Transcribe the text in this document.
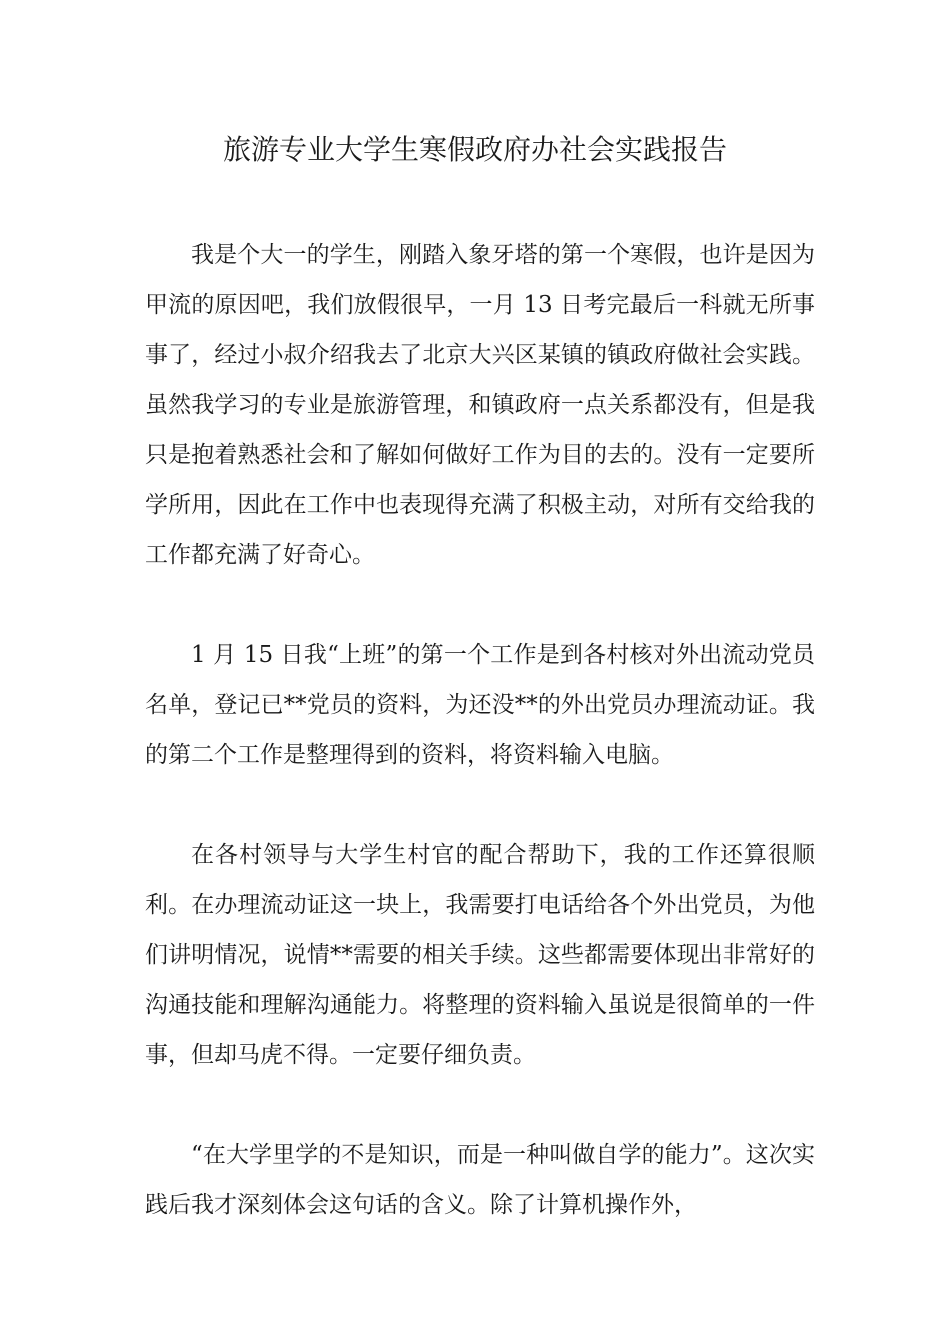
旅游专业大学生寒假政府办社会实践报告

我是个大一的学生，刚踏入象牙塔的第一个寒假，也许是因为甲流的原因吧，我们放假很早，一月 13 日考完最后一科就无所事事了，经过小叔介绍我去了北京大兴区某镇的镇政府做社会实践。虽然我学习的专业是旅游管理，和镇政府一点关系都没有，但是我只是抱着熟悉社会和了解如何做好工作为目的去的。没有一定要所学所用，因此在工作中也表现得充满了积极主动，对所有交给我的工作都充满了好奇心。

1 月 15 日我“上班”的第一个工作是到各村核对外出流动党员名单，登记已**党员的资料，为还没**的外出党员办理流动证。我的第二个工作是整理得到的资料，将资料输入电脑。

在各村领导与大学生村官的配合帮助下，我的工作还算很顺利。在办理流动证这一块上，我需要打电话给各个外出党员，为他们讲明情况，说情**需要的相关手续。这些都需要体现出非常好的沟通技能和理解沟通能力。将整理的资料输入虽说是很简单的一件事，但却马虎不得。一定要仔细负责。

“在大学里学的不是知识，而是一种叫做自学的能力”。这次实践后我才深刻体会这句话的含义。除了计算机操作外，
